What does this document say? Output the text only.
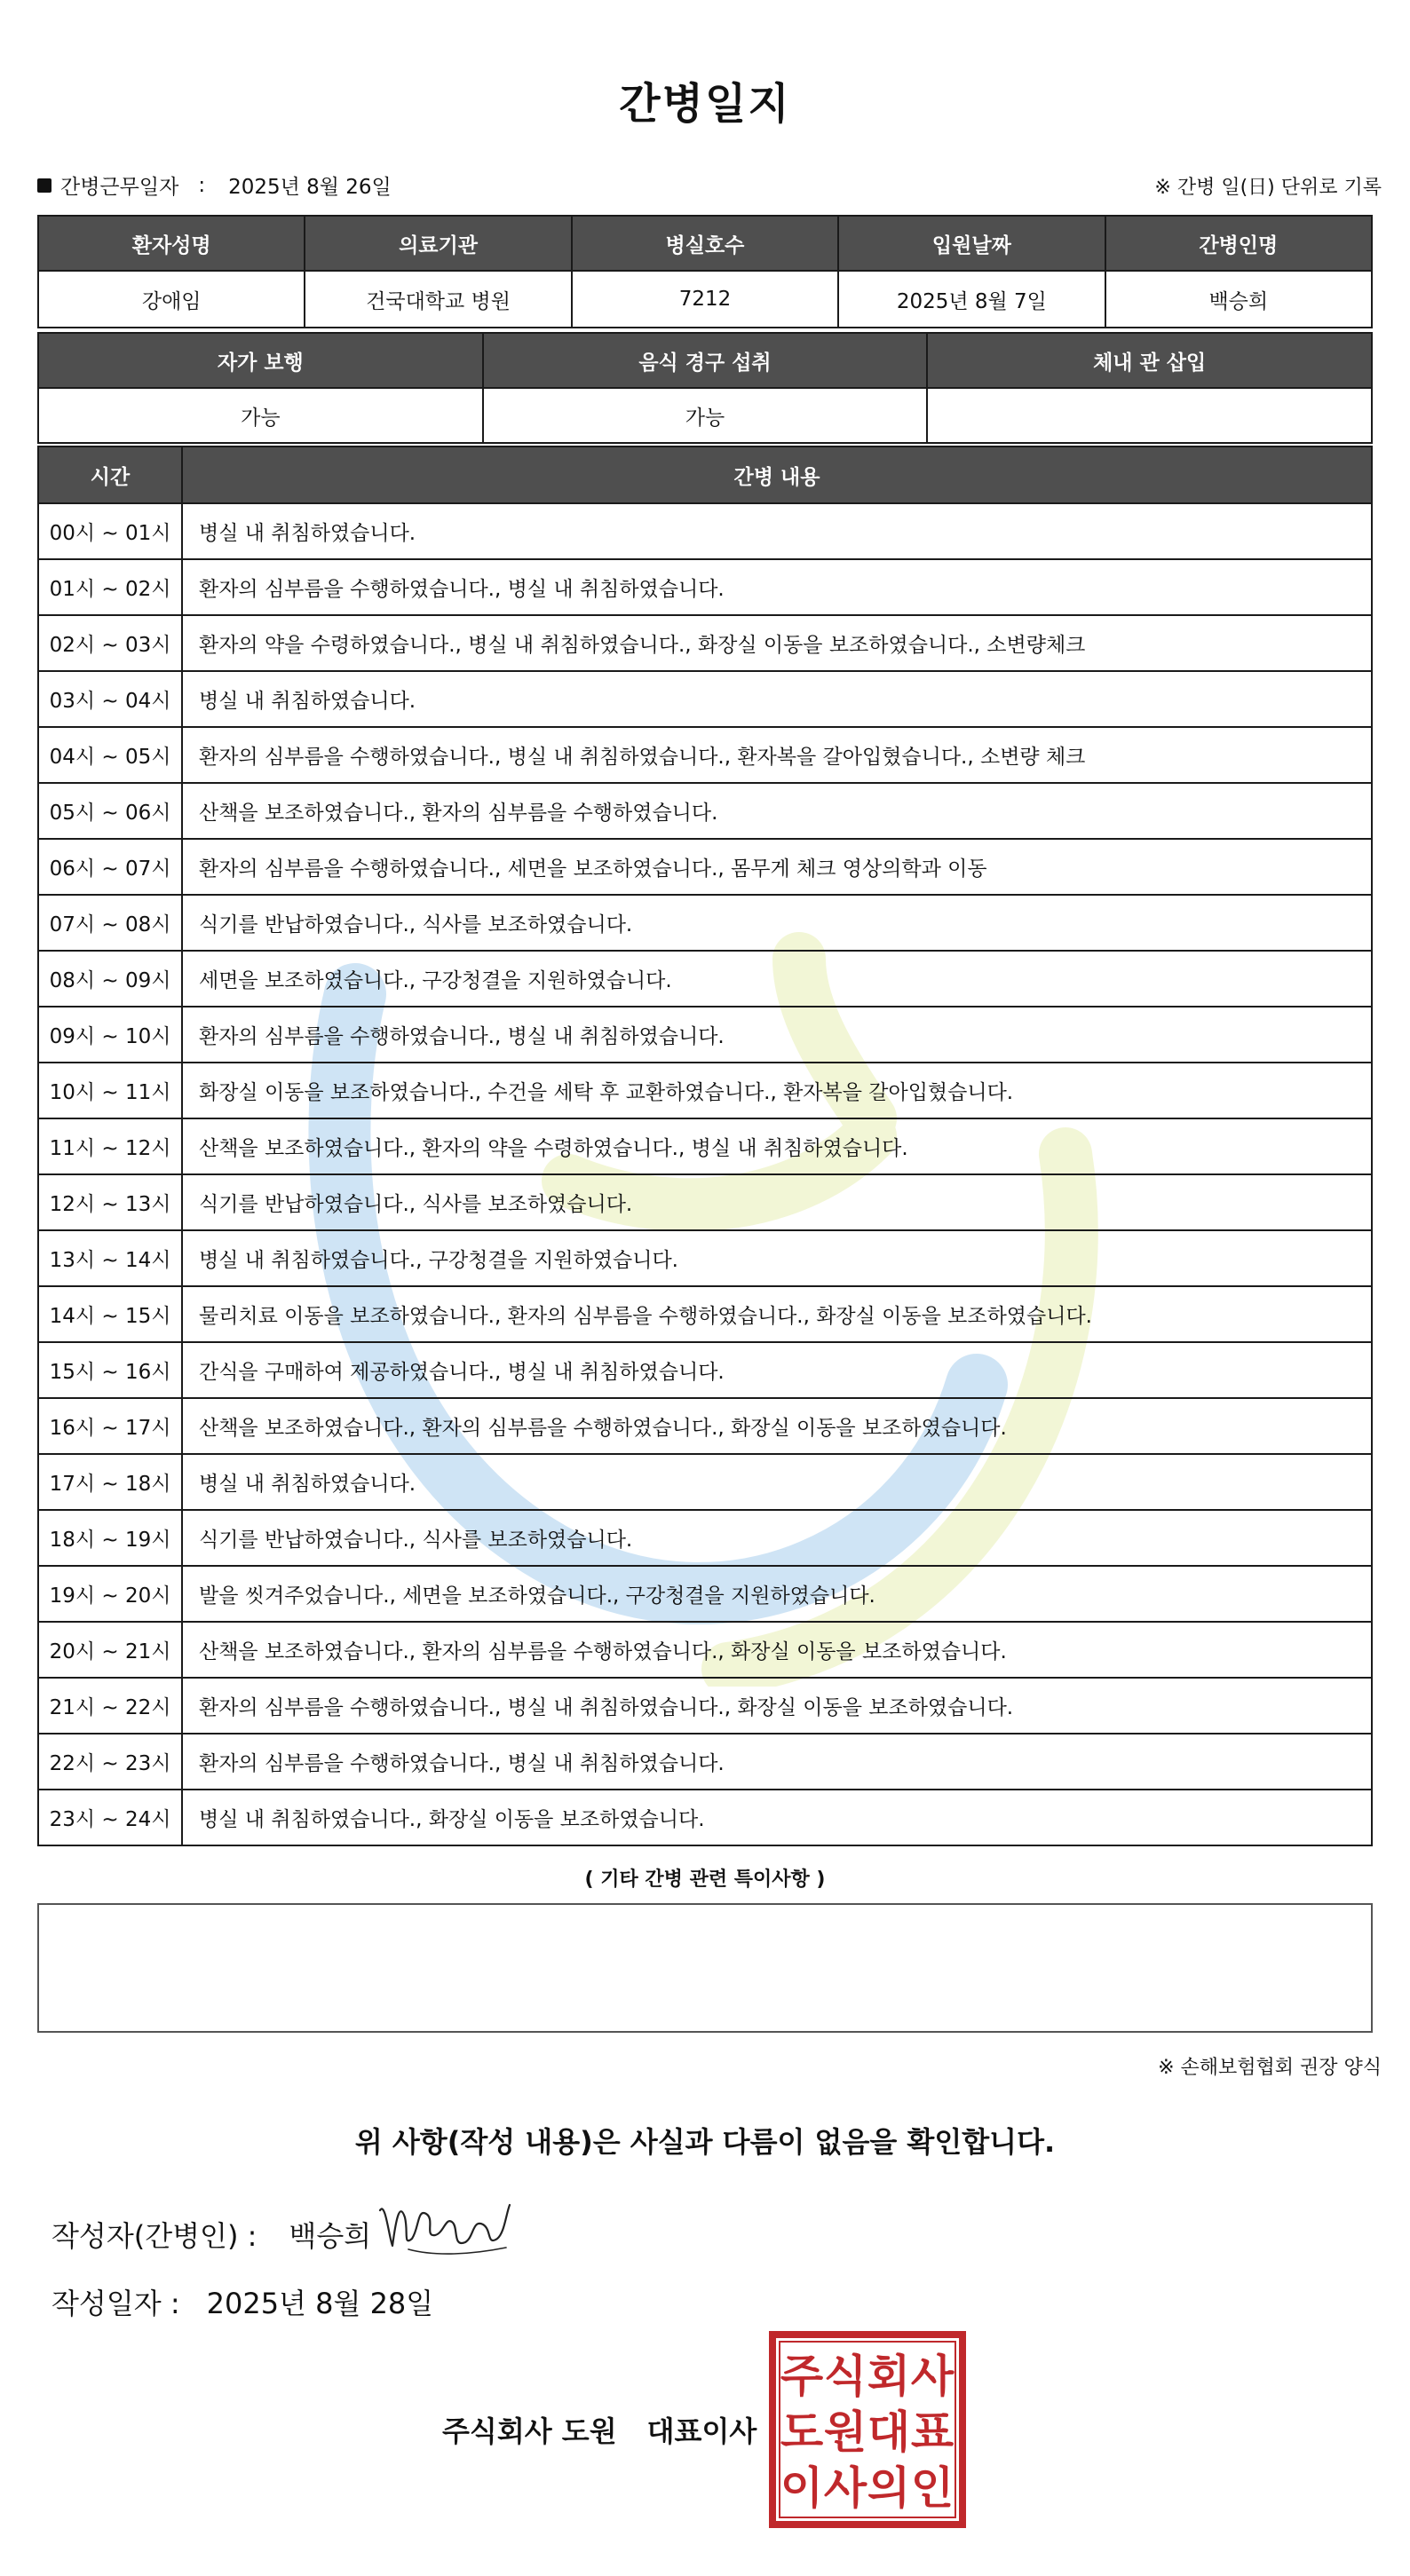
간병일지
간병근무일자 : 2025년 8월 26일	※ 간병 일(日) 단위로 기록
환자성명	의료기관	병실호수	입원날짜	간병인명
강애임	건국대학교 병원	7212	2025년 8월 7일	백승희
자가 보행	음식 경구 섭취	체내 관 삽입
가능	가능	
시간	간병 내용
00시 ~ 01시	병실 내 취침하였습니다.
01시 ~ 02시	환자의 심부름을 수행하였습니다., 병실 내 취침하였습니다.
02시 ~ 03시	환자의 약을 수령하였습니다., 병실 내 취침하였습니다., 화장실 이동을 보조하였습니다., 소변량체크
03시 ~ 04시	병실 내 취침하였습니다.
04시 ~ 05시	환자의 심부름을 수행하였습니다., 병실 내 취침하였습니다., 환자복을 갈아입혔습니다., 소변량 체크
05시 ~ 06시	산책을 보조하였습니다., 환자의 심부름을 수행하였습니다.
06시 ~ 07시	환자의 심부름을 수행하였습니다., 세면을 보조하였습니다., 몸무게 체크 영상의학과 이동
07시 ~ 08시	식기를 반납하였습니다., 식사를 보조하였습니다.
08시 ~ 09시	세면을 보조하였습니다., 구강청결을 지원하였습니다.
09시 ~ 10시	환자의 심부름을 수행하였습니다., 병실 내 취침하였습니다.
10시 ~ 11시	화장실 이동을 보조하였습니다., 수건을 세탁 후 교환하였습니다., 환자복을 갈아입혔습니다.
11시 ~ 12시	산책을 보조하였습니다., 환자의 약을 수령하였습니다., 병실 내 취침하였습니다.
12시 ~ 13시	식기를 반납하였습니다., 식사를 보조하였습니다.
13시 ~ 14시	병실 내 취침하였습니다., 구강청결을 지원하였습니다.
14시 ~ 15시	물리치료 이동을 보조하였습니다., 환자의 심부름을 수행하였습니다., 화장실 이동을 보조하였습니다.
15시 ~ 16시	간식을 구매하여 제공하였습니다., 병실 내 취침하였습니다.
16시 ~ 17시	산책을 보조하였습니다., 환자의 심부름을 수행하였습니다., 화장실 이동을 보조하였습니다.
17시 ~ 18시	병실 내 취침하였습니다.
18시 ~ 19시	식기를 반납하였습니다., 식사를 보조하였습니다.
19시 ~ 20시	발을 씻겨주었습니다., 세면을 보조하였습니다., 구강청결을 지원하였습니다.
20시 ~ 21시	산책을 보조하였습니다., 환자의 심부름을 수행하였습니다., 화장실 이동을 보조하였습니다.
21시 ~ 22시	환자의 심부름을 수행하였습니다., 병실 내 취침하였습니다., 화장실 이동을 보조하였습니다.
22시 ~ 23시	환자의 심부름을 수행하였습니다., 병실 내 취침하였습니다.
23시 ~ 24시	병실 내 취침하였습니다., 화장실 이동을 보조하였습니다.
( 기타 간병 관련 특이사항 )
※ 손해보험협회 권장 양식
위 사항(작성 내용)은 사실과 다름이 없음을 확인합니다.
작성자(간병인) : 백승희
작성일자 : 2025년 8월 28일
주식회사 도원 대표이사
주 식 회 사
도 원 대 표
이 사 의 인
